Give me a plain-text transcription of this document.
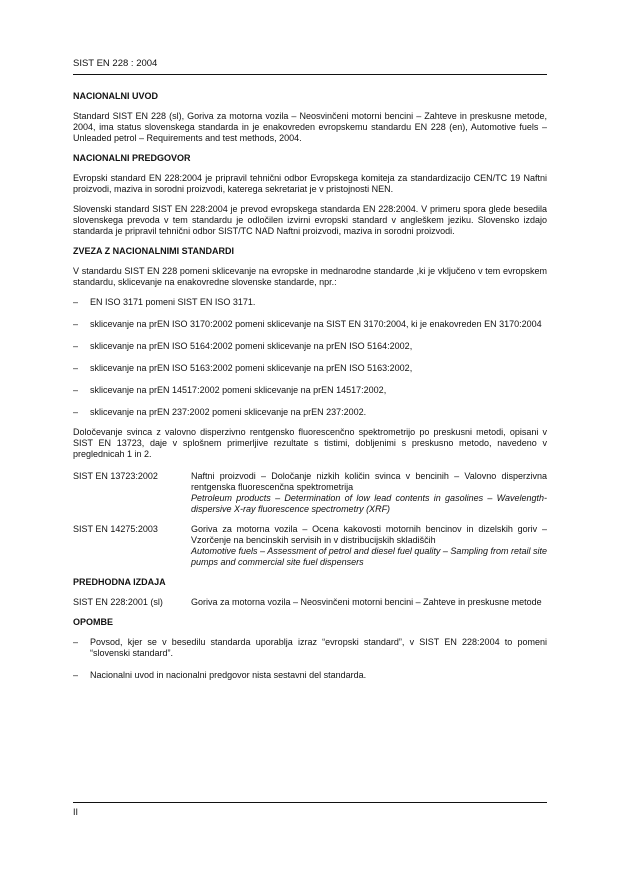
SIST EN 228 : 2004
NACIONALNI UVOD

Standard SIST EN 228 (sl), Goriva za motorna vozila – Neosvinčeni motorni bencini – Zahteve in preskusne metode, 2004, ima status slovenskega standarda in je enakovreden evropskemu standardu EN 228 (en), Automotive fuels – Unleaded petrol – Requirements and test methods, 2004.

NACIONALNI PREDGOVOR

Evropski standard EN 228:2004 je pripravil tehnični odbor Evropskega komiteja za standardizacijo CEN/TC 19 Naftni proizvodi, maziva in sorodni proizvodi, katerega sekretariat je v pristojnosti NEN.

Slovenski standard SIST EN 228:2004 je prevod evropskega standarda EN 228:2004. V primeru spora glede besedila slovenskega prevoda v tem standardu je odločilen izvirni evropski standard v angleškem jeziku. Slovensko izdajo standarda je pripravil tehnični odbor SIST/TC NAD Naftni proizvodi, maziva in sorodni proizvodi.

ZVEZA Z NACIONALNIMI STANDARDI

V standardu SIST EN 228 pomeni sklicevanje na evropske in mednarodne standarde ,ki je vključeno v tem evropskem standardu, sklicevanje na enakovredne slovenske standarde, npr.:

– EN ISO 3171 pomeni SIST EN ISO 3171.
– sklicevanje na prEN ISO 3170:2002 pomeni sklicevanje na SIST EN 3170:2004, ki je enakovreden EN 3170:2004
– sklicevanje na prEN ISO 5164:2002 pomeni sklicevanje na prEN ISO 5164:2002,
– sklicevanje na prEN ISO 5163:2002 pomeni sklicevanje na prEN ISO 5163:2002,
– sklicevanje na prEN 14517:2002 pomeni sklicevanje na prEN 14517:2002,
– sklicevanje na prEN 237:2002 pomeni sklicevanje na prEN 237:2002.

Določevanje svinca z valovno disperzivno rentgensko fluorescenčno spektrometrijo po preskusni metodi, opisani v SIST EN 13723, daje v splošnem primerljive rezultate s tistimi, dobljenimi s preskusno metodo, navedeno v preglednicah 1 in 2.

SIST EN 13723:2002	Naftni proizvodi – Določanje nizkih količin svinca v bencinih – Valovno disperzivna rentgenska fluorescenčna spektrometrija
Petroleum products – Determination of low lead contents in gasolines – Wavelength-dispersive X-ray fluorescence spectrometry (XRF)
SIST EN 14275:2003	Goriva za motorna vozila – Ocena kakovosti motornih bencinov in dizelskih goriv – Vzorčenje na bencinskih servisih in v distribucijskih skladiščih
Automotive fuels – Assessment of petrol and diesel fuel quality – Sampling from retail site pumps and commercial site fuel dispensers
PREDHODNA IZDAJA
SIST EN 228:2001 (sl)	Goriva za motorna vozila – Neosvinčeni motorni bencini – Zahteve in preskusne metode
OPOMBE
– Povsod, kjer se v besedilu standarda uporablja izraz “evropski standard”, v SIST EN 228:2004 to pomeni “slovenski standard”.
– Nacionalni uvod in nacionalni predgovor nista sestavni del standarda.
II
